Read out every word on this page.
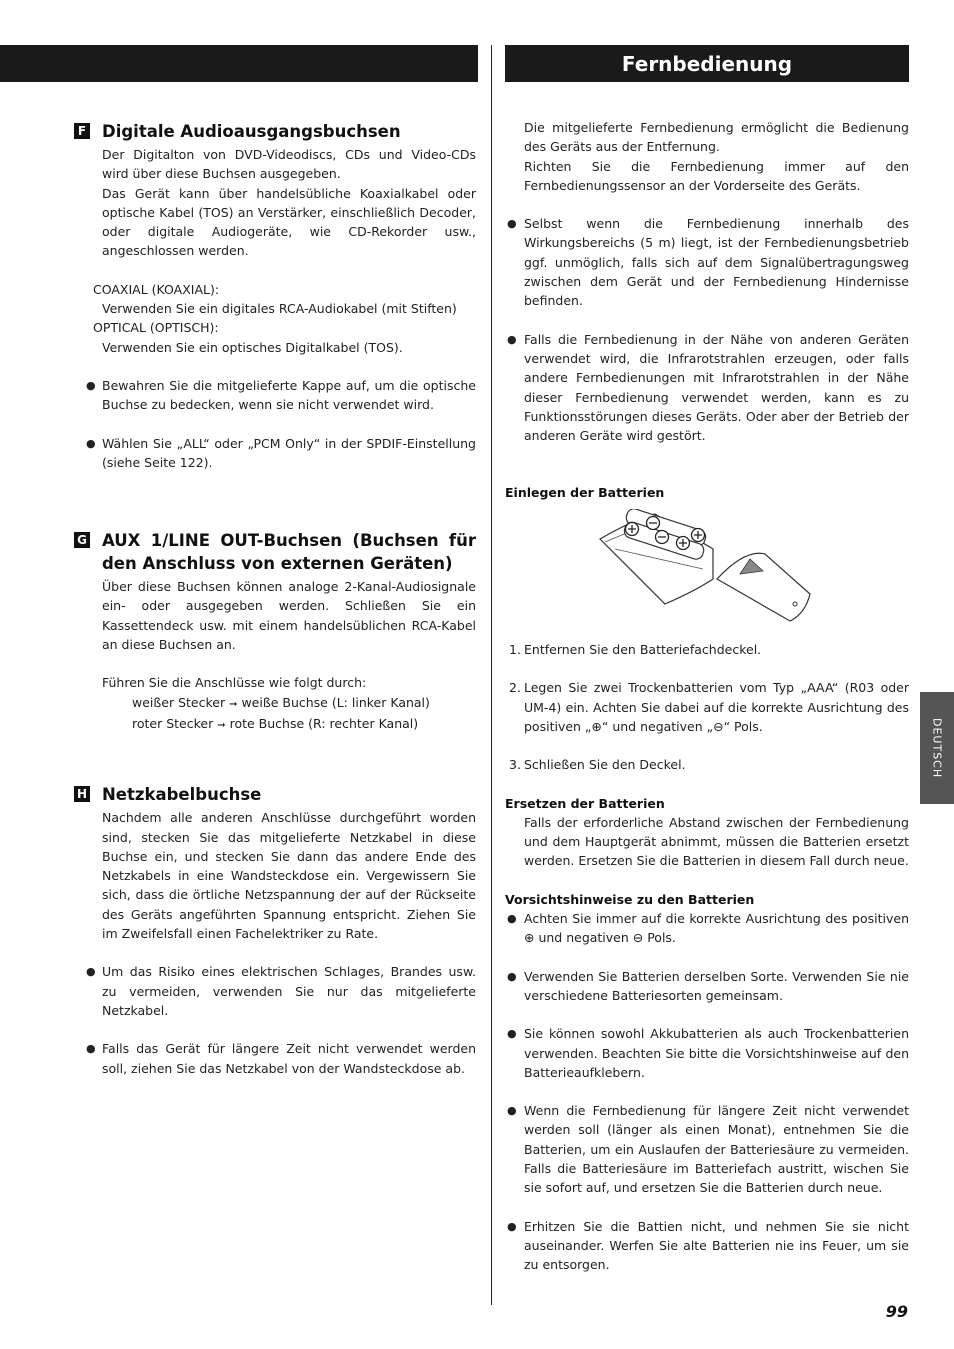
Fernbedienung
F Digitale Audioausgangsbuchsen

Der Digitalton von DVD-Videodiscs, CDs und Video-CDs wird über diese Buchsen ausgegeben.

Das Gerät kann über handelsübliche Koaxialkabel oder optische Kabel (TOS) an Verstärker, einschließlich Decoder, oder digitale Audiogeräte, wie CD-Rekorder usw., angeschlossen werden.

COAXIAL (KOAXIAL):
Verwenden Sie ein digitales RCA-Audiokabel (mit Stiften)
OPTICAL (OPTISCH):
Verwenden Sie ein optisches Digitalkabel (TOS).
● Bewahren Sie die mitgelieferte Kappe auf, um die optische Buchse zu bedecken, wenn sie nicht verwendet wird.
● Wählen Sie „ALL“ oder „PCM Only“ in der SPDIF-Einstellung (siehe Seite 122).
G AUX 1/LINE OUT-Buchsen (Buchsen für den Anschluss von externen Geräten)

Über diese Buchsen können analoge 2-Kanal-Audiosignale ein- oder ausgegeben werden. Schließen Sie ein Kassettendeck usw. mit einem handelsüblichen RCA-Kabel an diese Buchsen an.

Führen Sie die Anschlüsse wie folgt durch:

weißer Stecker ➞ weiße Buchse (L: linker Kanal)
roter Stecker ➞ rote Buchse (R: rechter Kanal)
H Netzkabelbuchse

Nachdem alle anderen Anschlüsse durchgeführt worden sind, stecken Sie das mitgelieferte Netzkabel in diese Buchse ein, und stecken Sie dann das andere Ende des Netzkabels in eine Wandsteckdose ein. Vergewissern Sie sich, dass die örtliche Netzspannung der auf der Rückseite des Geräts angeführten Spannung entspricht. Ziehen Sie im Zweifelsfall einen Fachelektriker zu Rate.

● Um das Risiko eines elektrischen Schlages, Brandes usw. zu vermeiden, verwenden Sie nur das mitgelieferte Netzkabel.
● Falls das Gerät für längere Zeit nicht verwendet werden soll, ziehen Sie das Netzkabel von der Wandsteckdose ab.

Die mitgelieferte Fernbedienung ermöglicht die Bedienung des Geräts aus der Entfernung.

Richten Sie die Fernbedienung immer auf den Fernbedienungssensor an der Vorderseite des Geräts.

● Selbst wenn die Fernbedienung innerhalb des Wirkungsbereichs (5 m) liegt, ist der Fernbedienungsbetrieb ggf. unmöglich, falls sich auf dem Signalübertragungsweg zwischen dem Gerät und der Fernbedienung Hindernisse befinden.
● Falls die Fernbedienung in der Nähe von anderen Geräten verwendet wird, die Infrarotstrahlen erzeugen, oder falls andere Fernbedienungen mit Infrarotstrahlen in der Nähe dieser Fernbedienung verwendet werden, kann es zu Funktionsstörungen dieses Geräts. Oder aber der Betrieb der anderen Geräte wird gestört.
Einlegen der Batterien
1. Entfernen Sie den Batteriefachdeckel.
2. Legen Sie zwei Trockenbatterien vom Typ „AAA“ (R03 oder UM-4) ein. Achten Sie dabei auf die korrekte Ausrichtung des positiven „⊕“ und negativen „⊖“ Pols.
3. Schließen Sie den Deckel.
Ersetzen der Batterien

Falls der erforderliche Abstand zwischen der Fernbedienung und dem Hauptgerät abnimmt, müssen die Batterien ersetzt werden. Ersetzen Sie die Batterien in diesem Fall durch neue.

Vorsichtshinweise zu den Batterien
● Achten Sie immer auf die korrekte Ausrichtung des positiven ⊕ und negativen ⊖ Pols.
● Verwenden Sie Batterien derselben Sorte. Verwenden Sie nie verschiedene Batteriesorten gemeinsam.
● Sie können sowohl Akkubatterien als auch Trockenbatterien verwenden. Beachten Sie bitte die Vorsichtshinweise auf den Batterieaufklebern.
● Wenn die Fernbedienung für längere Zeit nicht verwendet werden soll (länger als einen Monat), entnehmen Sie die Batterien, um ein Auslaufen der Batteriesäure zu vermeiden. Falls die Batteriesäure im Batteriefach austritt, wischen Sie sie sofort auf, und ersetzen Sie die Batterien durch neue.
● Erhitzen Sie die Battien nicht, und nehmen Sie sie nicht auseinander. Werfen Sie alte Batterien nie ins Feuer, um sie zu entsorgen.
DEUTSCH
99
